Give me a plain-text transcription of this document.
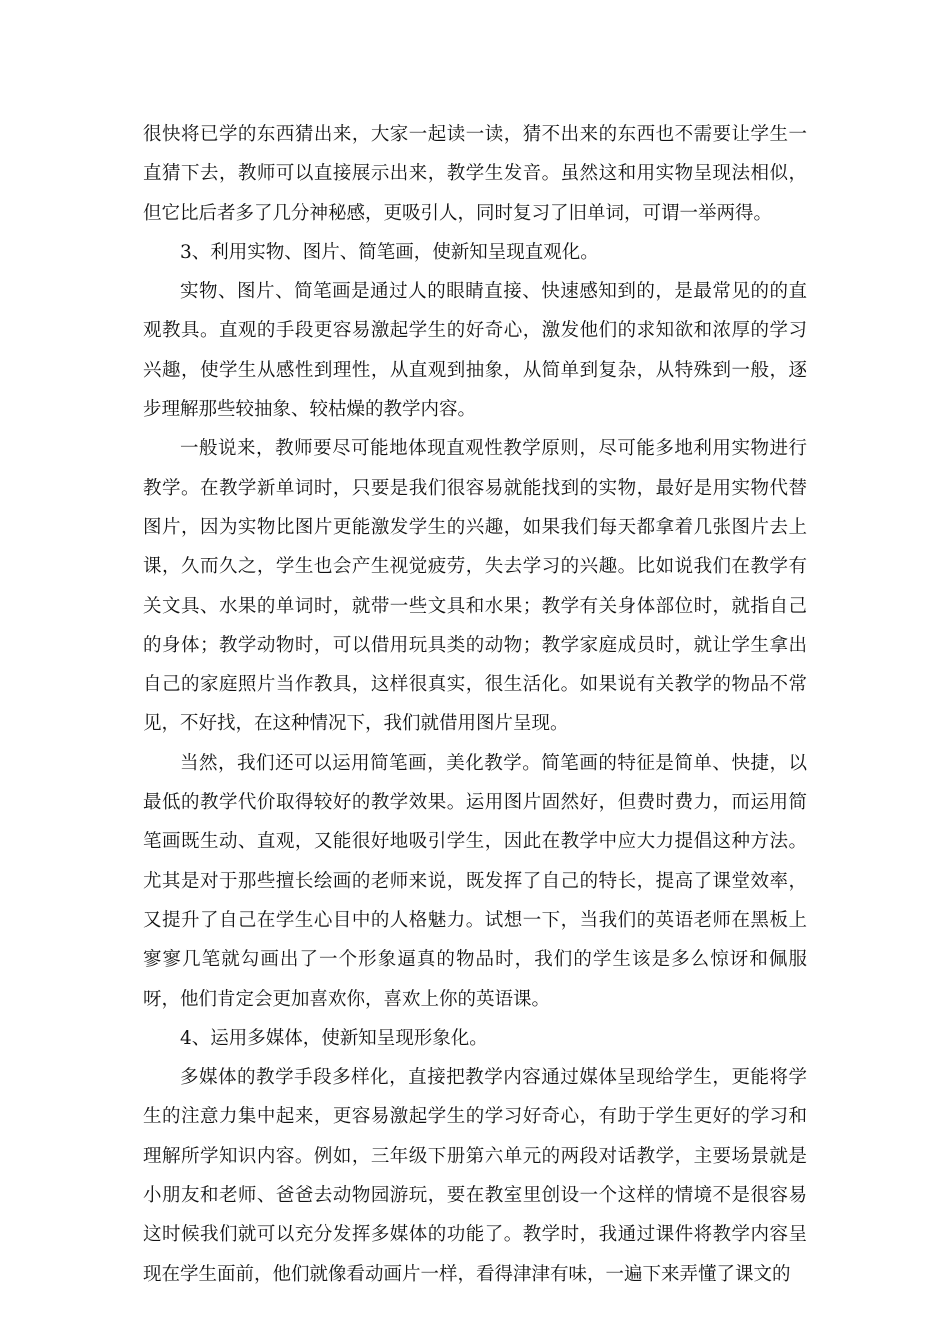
很快将已学的东西猜出来，大家一起读一读，猜不出来的东西也不需要让学生一直猜下去，教师可以直接展示出来，教学生发音。虽然这和用实物呈现法相似，但它比后者多了几分神秘感，更吸引人，同时复习了旧单词，可谓一举两得。

3、利用实物、图片、简笔画，使新知呈现直观化。

实物、图片、简笔画是通过人的眼睛直接、快速感知到的，是最常见的的直观教具。直观的手段更容易激起学生的好奇心，激发他们的求知欲和浓厚的学习兴趣，使学生从感性到理性，从直观到抽象，从简单到复杂，从特殊到一般，逐步理解那些较抽象、较枯燥的教学内容。

一般说来，教师要尽可能地体现直观性教学原则，尽可能多地利用实物进行教学。在教学新单词时，只要是我们很容易就能找到的实物，最好是用实物代替图片，因为实物比图片更能激发学生的兴趣，如果我们每天都拿着几张图片去上课，久而久之，学生也会产生视觉疲劳，失去学习的兴趣。比如说我们在教学有关文具、水果的单词时，就带一些文具和水果；教学有关身体部位时，就指自己的身体；教学动物时，可以借用玩具类的动物；教学家庭成员时，就让学生拿出自己的家庭照片当作教具，这样很真实，很生活化。如果说有关教学的物品不常见，不好找，在这种情况下，我们就借用图片呈现。

当然，我们还可以运用简笔画，美化教学。简笔画的特征是简单、快捷，以最低的教学代价取得较好的教学效果。运用图片固然好，但费时费力，而运用简笔画既生动、直观，又能很好地吸引学生，因此在教学中应大力提倡这种方法。尤其是对于那些擅长绘画的老师来说，既发挥了自己的特长，提高了课堂效率，又提升了自己在学生心目中的人格魅力。试想一下，当我们的英语老师在黑板上寥寥几笔就勾画出了一个形象逼真的物品时，我们的学生该是多么惊讶和佩服呀，他们肯定会更加喜欢你，喜欢上你的英语课。

4、运用多媒体，使新知呈现形象化。

多媒体的教学手段多样化，直接把教学内容通过媒体呈现给学生，更能将学生的注意力集中起来，更容易激起学生的学习好奇心，有助于学生更好的学习和理解所学知识内容。例如，三年级下册第六单元的两段对话教学，主要场景就是小朋友和老师、爸爸去动物园游玩，要在教室里创设一个这样的情境不是很容易这时候我们就可以充分发挥多媒体的功能了。教学时，我通过课件将教学内容呈现在学生面前，他们就像看动画片一样，看得津津有味，一遍下来弄懂了课文的
